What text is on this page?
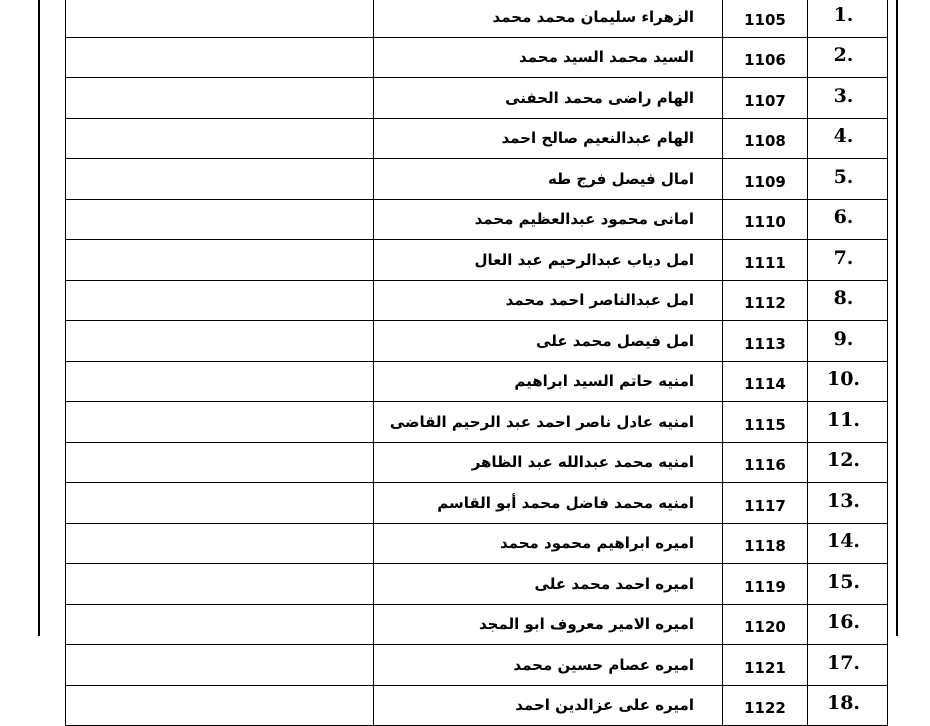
	الزهراء سليمان محمد محمد	1105	1.
	السيد محمد السيد محمد	1106	2.
	الهام راضى محمد الحفنى	1107	3.
	الهام عبدالنعيم صالح احمد	1108	4.
	امال فيصل فرج طه	1109	5.
	امانى محمود عبدالعظيم محمد	1110	6.
	امل دياب عبدالرحيم عبد العال	1111	7.
	امل عبدالناصر احمد محمد	1112	8.
	امل فيصل محمد على	1113	9.
	امنيه حاتم السيد ابراهيم	1114	10.
	امنيه عادل ناصر احمد عبد الرحيم القاضى	1115	11.
	امنيه محمد عبدالله عبد الظاهر	1116	12.
	امنيه محمد فاضل محمد أبو القاسم	1117	13.
	اميره ابراهيم محمود محمد	1118	14.
	اميره احمد محمد على	1119	15.
	اميره الامير معروف ابو المجد	1120	16.
	اميره عصام حسين محمد	1121	17.
	اميره على عزالدين احمد	1122	18.
